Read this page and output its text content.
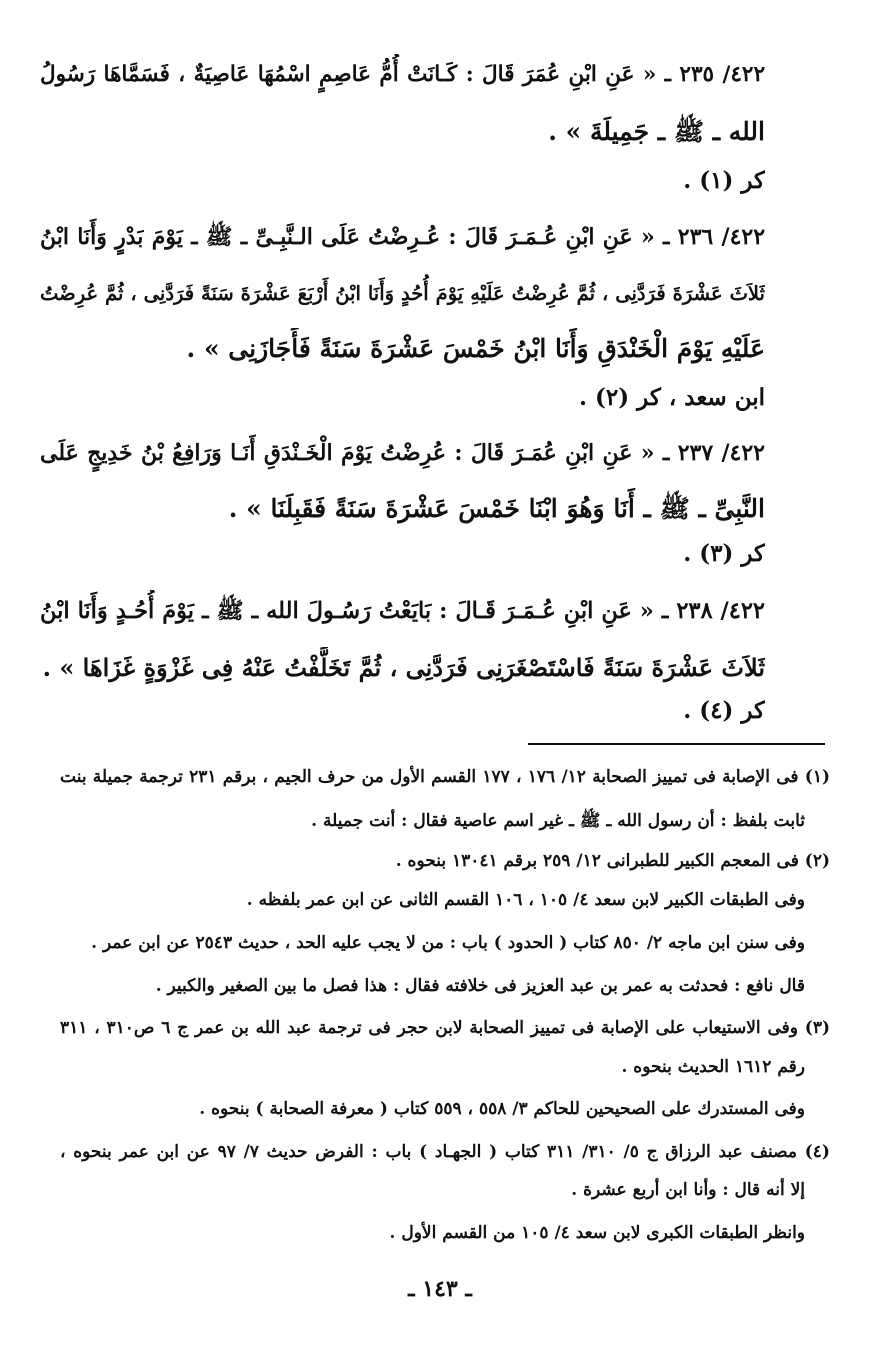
٤٢٢/ ٢٣٥ ـ « عَنِ ابْنِ عُمَرَ قَالَ : كَـانَتْ أُمُّ عَاصِمٍ اسْمُهَا عَاصِيَةٌ ، فَسَمَّاهَا رَسُولُ
الله ـ ﷺ ـ جَمِيلَةَ » .
كر (١) .
٤٢٢/ ٢٣٦ ـ « عَنِ ابْنِ عُـمَـرَ قَالَ : عُـرِضْتُ عَلَى الـنَّبِـىِّ ـ ﷺ ـ يَوْمَ بَدْرٍ وَأَنَا ابْنُ
ثَلاَثَ عَشْرَةَ فَرَدَّنِى ، ثُمَّ عُرِضْتُ عَلَيْهِ يَوْمَ أُحُدٍ وَأَنَا ابْنُ أَرْبَعَ عَشْرَةَ سَنَةً فَرَدَّنِى ، ثُمَّ عُرِضْتُ
عَلَيْهِ يَوْمَ الْخَنْدَقِ وَأَنَا ابْنُ خَمْسَ عَشْرَةَ سَنَةً فَأَجَازَنِى » .
ابن سعد ، كر (٢) .
٤٢٢/ ٢٣٧ ـ « عَنِ ابْنِ عُمَـرَ قَالَ : عُرِضْتُ يَوْمَ الْخَـنْدَقِ أَنَـا وَرَافِعُ بْنُ خَدِيجٍ عَلَى
النَّبِىِّ ـ ﷺ ـ أَنَا وَهُوَ ابْنَا خَمْسَ عَشْرَةَ سَنَةً فَقَبِلَنَا » .
كر (٣) .
٤٢٢/ ٢٣٨ ـ « عَنِ ابْنِ عُـمَـرَ قَـالَ : بَايَعْتُ رَسُـولَ الله ـ ﷺ ـ يَوْمَ أُحُـدٍ وَأَنَا ابْنُ
ثَلاَثَ عَشْرَةَ سَنَةً فَاسْتَصْغَرَنِى فَرَدَّنِى ، ثُمَّ تَخَلَّفْتُ عَنْهُ فِى غَزْوَةٍ غَزَاهَا » .
كر (٤) .
(١) فى الإصابة فى تمييز الصحابة ١٢/ ١٧٦ ، ١٧٧ القسم الأول من حرف الجيم ، برقم ٢٣١ ترجمة جميلة بنت
ثابت بلفظ : أن رسول الله ـ ﷺ ـ غير اسم عاصية فقال : أنت جميلة .
(٢) فى المعجم الكبير للطبرانى ١٢/ ٢٥٩ برقم ١٣٠٤١ بنحوه .
وفى الطبقات الكبير لابن سعد ٤/ ١٠٥ ، ١٠٦ القسم الثانى عن ابن عمر بلفظه .
وفى سنن ابن ماجه ٢/ ٨٥٠ كتاب ( الحدود ) باب : من لا يجب عليه الحد ، حديث ٢٥٤٣ عن ابن عمر .
قال نافع : فحدثت به عمر بن عبد العزيز فى خلافته فقال : هذا فصل ما بين الصغير والكبير .
(٣) وفى الاستيعاب على الإصابة فى تمييز الصحابة لابن حجر فى ترجمة عبد الله بن عمر ج ٦ ص٣١٠ ، ٣١١
رقم ١٦١٢ الحديث بنحوه .
وفى المستدرك على الصحيحين للحاكم ٣/ ٥٥٨ ، ٥٥٩ كتاب ( معرفة الصحابة ) بنحوه .
(٤) مصنف عبد الرزاق ج ٥/ ٣١٠/ ٣١١ كتاب ( الجهـاد ) باب : الفرض حديث ٧/ ٩٧ عن ابن عمر بنحوه ،
إلا أنه قال : وأنا ابن أربع عشرة .
وانظر الطبقات الكبرى لابن سعد ٤/ ١٠٥ من القسم الأول .
ـ ١٤٣ ـ
